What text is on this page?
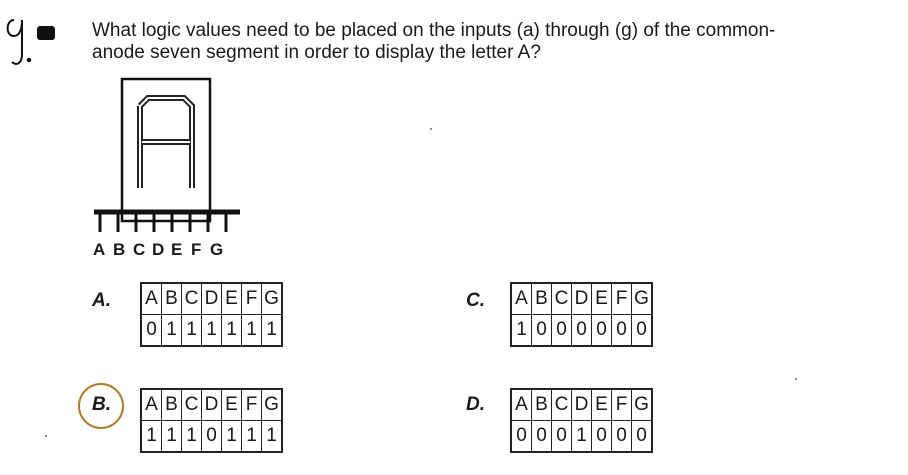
What logic values need to be placed on the inputs (a) through (g) of the common-
anode seven segment in order to display the letter A?
A B C D E F G
A. A	B	C	D	E	F	G
0	1	1	1	1	1	1
B. A	B	C	D	E	F	G
1	1	1	0	1	1	1
C. A	B	C	D	E	F	G
1	0	0	0	0	0	0
D. A	B	C	D	E	F	G
0	0	0	1	0	0	0
